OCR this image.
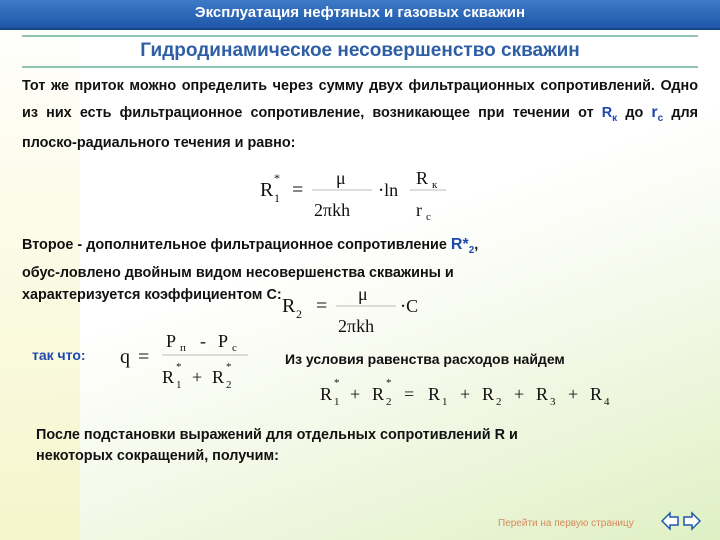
Эксплуатация нефтяных и газовых скважин
Гидродинамическое несовершенство скважин
Тот же приток можно определить через сумму двух фильтрационных сопротивлений. Одно из них есть фильтрационное сопротивление, возникающее при течении от $R_к$ до $r_с$ для плоско-радиального течения и равно:
R 1
*
=
μ
2πkh
⋅ln
R к
r c
Второе - дополнительное фильтрационное сопротивление $R*_2$,
обус-ловлено двойным видом несовершенства скважины и
характеризуется коэффициентом С: R 2 =
μ
2πkh
⋅C
так что: q =
P п - P c
R 1
* + R 2
*	Из условия равенства расходов найдем
R 1
*
+ R 2
*
= R 1 + R 2 + R 3 + R 4
После подстановки выражений для отдельных сопротивлений R и
некоторых сокращений, получим:
Перейти на первую страницу
